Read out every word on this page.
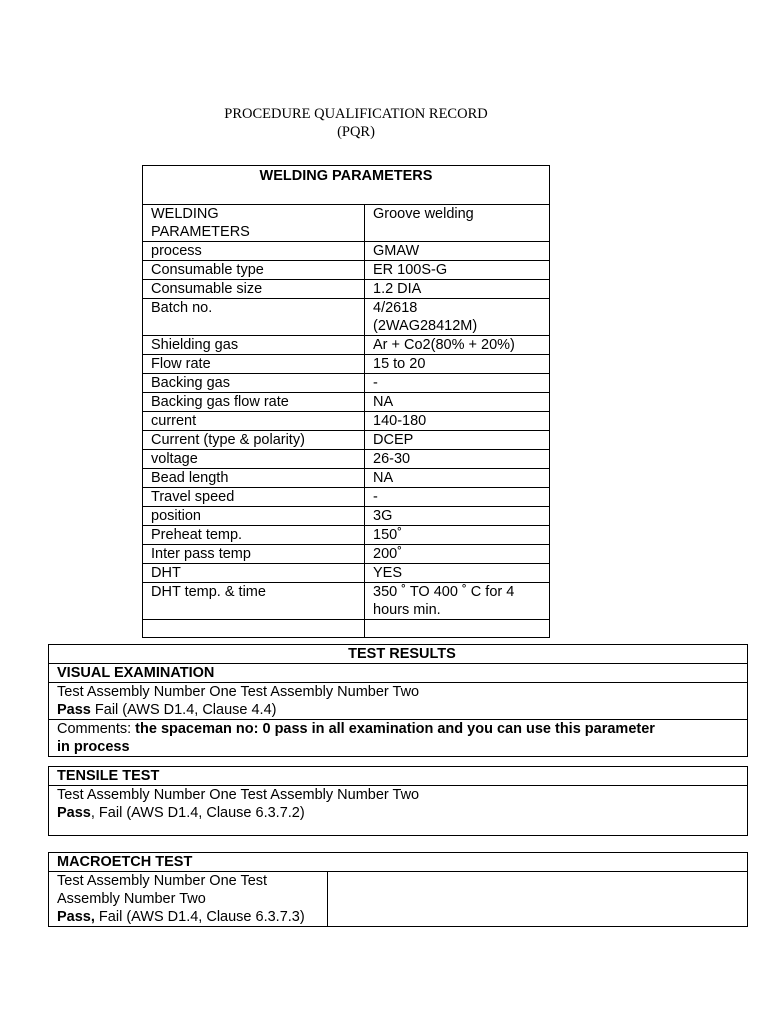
PROCEDURE QUALIFICATION RECORD
(PQR)
WELDING PARAMETERS	

WELDING
PARAMETERS	Groove welding
process	GMAW
Consumable type	ER 100S-G
Consumable size	1.2 DIA
Batch no.	4/2618
(2WAG28412M)
Shielding gas	Ar + Co2(80% + 20%)
Flow rate	15 to 20
Backing gas	-
Backing gas flow rate	NA
current	140-180
Current (type & polarity)	DCEP
voltage	26-30
Bead length	NA
Travel speed	-
position	3G
Preheat temp.	150˚
Inter pass temp	200˚
DHT	YES
DHT temp. & time	350 ˚ TO 400 ˚ C for 4
hours min.

TEST RESULTS
VISUAL EXAMINATION

Test Assembly Number One Test Assembly Number Two
Pass Fail (AWS D1.4, Clause 4.4)

Comments: the spaceman no: 0 pass in all examination and you can use this parameter in process
TENSILE TEST

Test Assembly Number One Test Assembly Number Two
Pass, Fail (AWS D1.4, Clause 6.3.7.2)
MACROETCH TEST
Test Assembly Number One Test Assembly Number Two
Pass, Fail (AWS D1.4, Clause 6.3.7.3)	
